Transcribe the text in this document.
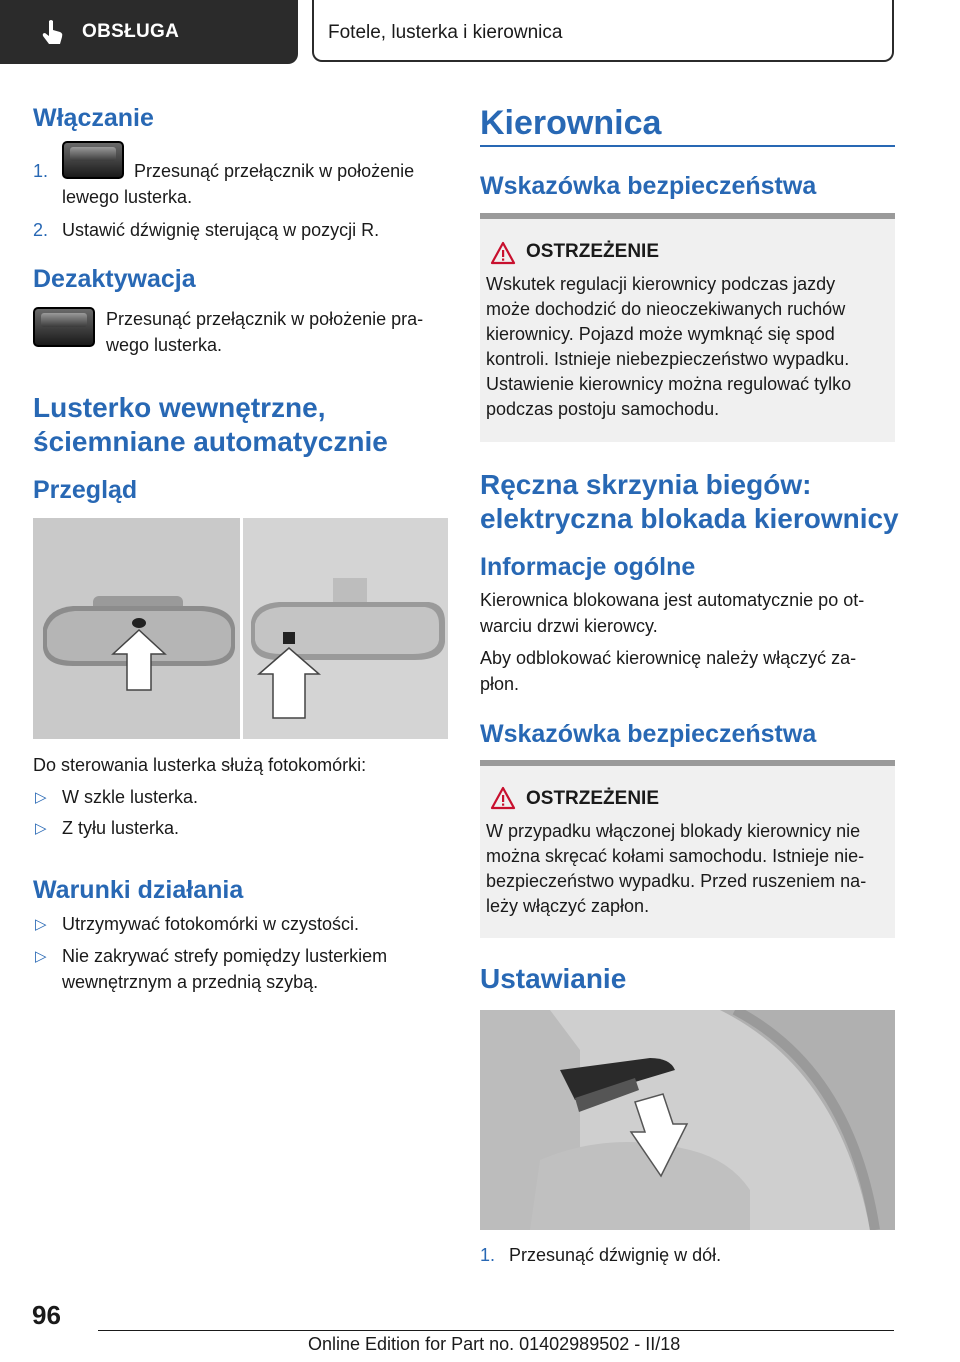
OBSŁUGA	Fotele, lusterka i kierownica
Włączanie
1.	Przesunąć przełącznik w położenie

lewego lusterka.

2. Ustawić dźwignię sterującą w pozycji R.

Dezaktywacja

Przesunąć przełącznik w położenie pra‐

wego lusterka.

Lusterko wewnętrzne,
ściemniane automatycznie
Przegląd

Do sterowania lusterka służą fotokomórki:

▷ W szkle lusterka.

▷ Z tyłu lusterka.

Warunki działania
▷ Utrzymywać fotokomórki w czystości.

▷ Nie zakrywać strefy pomiędzy lusterkiem

wewnętrznym a przednią szybą.

Kierownica
Wskazówka bezpieczeństwa
OSTRZEŻENIE
Wskutek regulacji kierownicy podczas jazdy
może dochodzić do nieoczekiwanych ruchów
kierownicy. Pojazd może wymknąć się spod
kontroli. Istnieje niebezpieczeństwo wypadku.
Ustawienie kierownicy można regulować tylko
podczas postoju samochodu.
Ręczna skrzynia biegów:
elektryczna blokada kierownicy
Informacje ogólne

Kierownica blokowana jest automatycznie po ot‐

warciu drzwi kierowcy.

Aby odblokować kierownicę należy włączyć za‐

płon.

Wskazówka bezpieczeństwa
OSTRZEŻENIE
W przypadku włączonej blokady kierownicy nie
można skręcać kołami samochodu. Istnieje nie‐
bezpieczeństwo wypadku. Przed ruszeniem na‐
leży włączyć zapłon.
Ustawianie
1. Przesunąć dźwignię w dół.

96
Online Edition for Part no. 01402989502 - II/18
